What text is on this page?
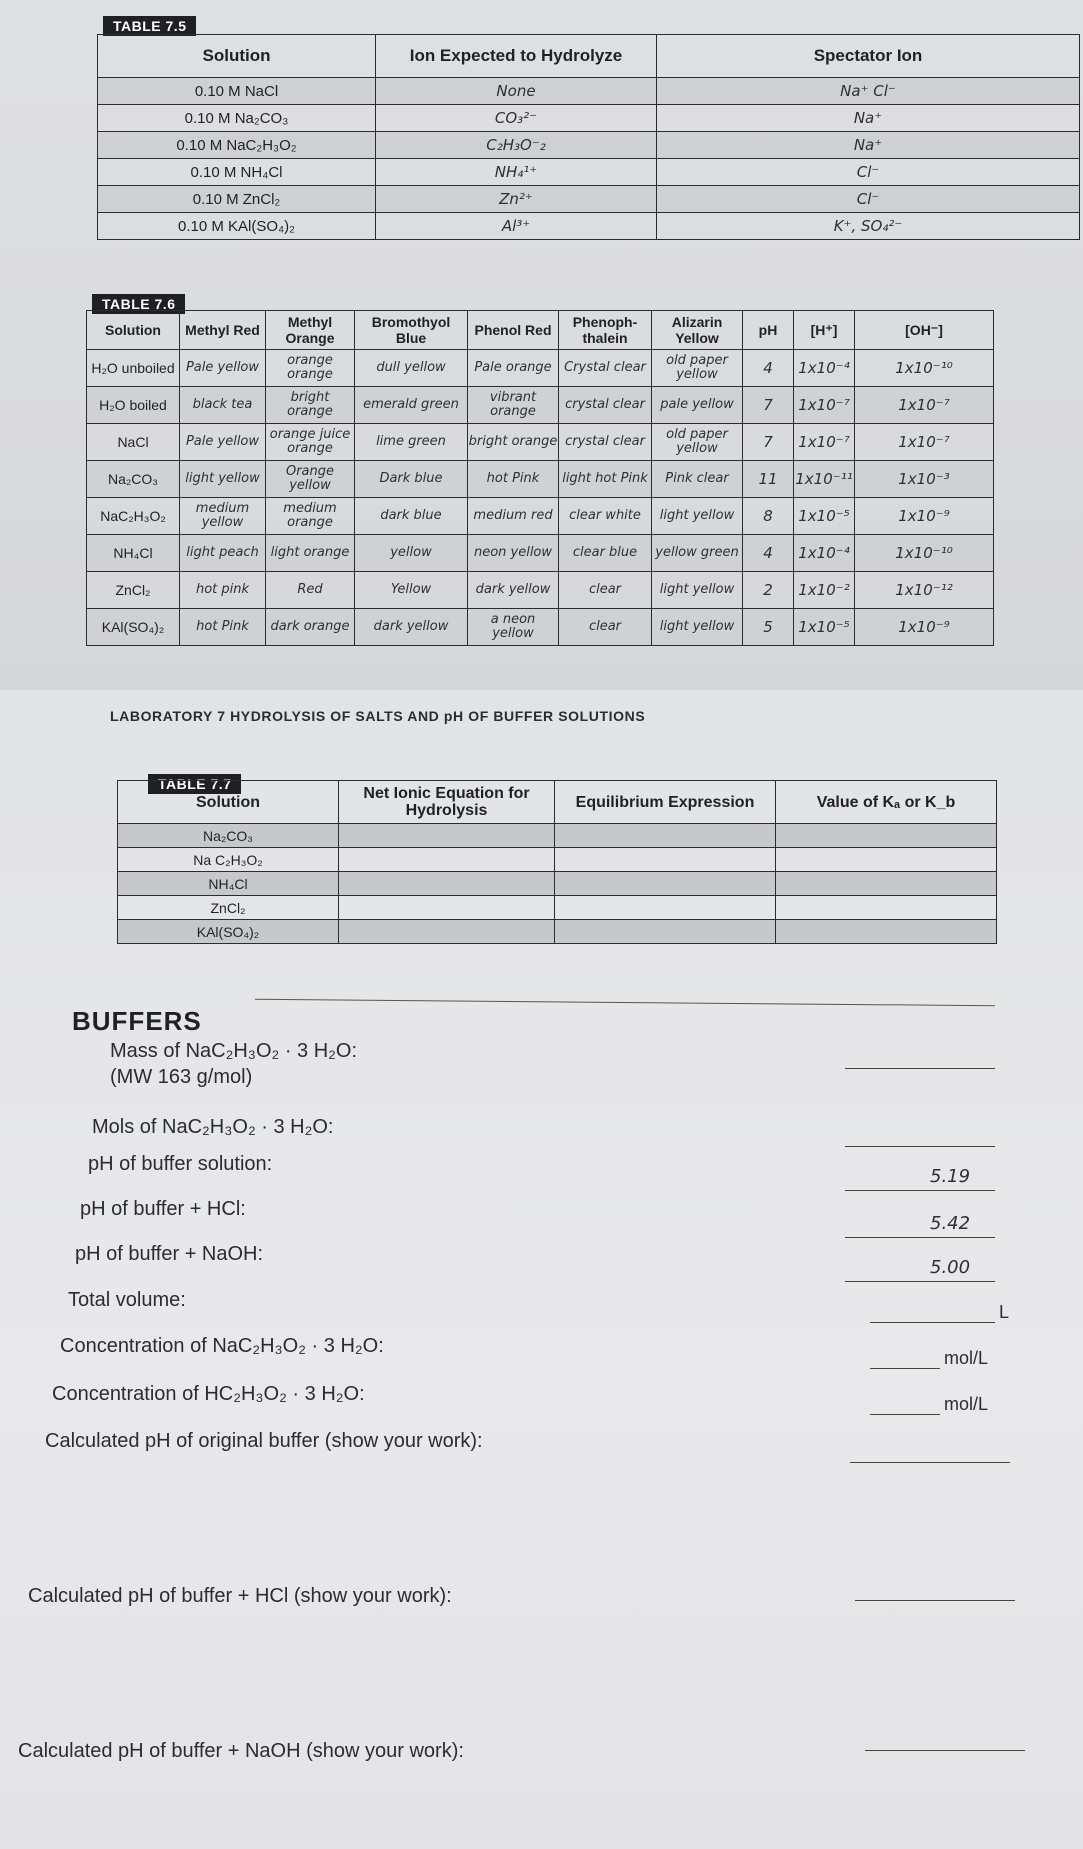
TABLE 7.5
Solution	Ion Expected to Hydrolyze	Spectator Ion
0.10 M NaCl	None	Na⁺ Cl⁻
0.10 M Na₂CO₃	CO₃²⁻	Na⁺
0.10 M NaC₂H₃O₂	C₂H₃O⁻₂	Na⁺
0.10 M NH₄Cl	NH₄¹⁺	Cl⁻
0.10 M ZnCl₂	Zn²⁺	Cl⁻
0.10 M KAl(SO₄)₂	Al³⁺	K⁺, SO₄²⁻
TABLE 7.6
Solution	Methyl Red	Methyl Orange	Bromothyol Blue	Phenol Red	Phenoph-thalein	Alizarin Yellow	pH	[H⁺]	[OH⁻]
H₂O unboiled	Pale yellow	orange orange	dull yellow	Pale orange	Crystal clear	old paper yellow	4	1x10⁻⁴	1x10⁻¹⁰
H₂O boiled	black tea	bright orange	emerald green	vibrant orange	crystal clear	pale yellow	7	1x10⁻⁷	1x10⁻⁷
NaCl	Pale yellow	orange juice orange	lime green	bright orange	crystal clear	old paper yellow	7	1x10⁻⁷	1x10⁻⁷
Na₂CO₃	light yellow	Orange yellow	Dark blue	hot Pink	light hot Pink	Pink clear	11	1x10⁻¹¹	1x10⁻³
NaC₂H₃O₂	medium yellow	medium orange	dark blue	medium red	clear white	light yellow	8	1x10⁻⁵	1x10⁻⁹
NH₄Cl	light peach	light orange	yellow	neon yellow	clear blue	yellow green	4	1x10⁻⁴	1x10⁻¹⁰
ZnCl₂	hot pink	Red	Yellow	dark yellow	clear	light yellow	2	1x10⁻²	1x10⁻¹²
KAl(SO₄)₂	hot Pink	dark orange	dark yellow	a neon yellow	clear	light yellow	5	1x10⁻⁵	1x10⁻⁹
LABORATORY 7 HYDROLYSIS OF SALTS AND pH OF BUFFER SOLUTIONS
TABLE 7.7
Solution	Net Ionic Equation for Hydrolysis	Equilibrium Expression	Value of Kₐ or K_b
Na₂CO₃			
Na C₂H₃O₂			
NH₄Cl			
ZnCl₂			
KAl(SO₄)₂			
BUFFERS
Mass of NaC₂H₃O₂ · 3 H₂O:
(MW 163 g/mol)
Mols of NaC₂H₃O₂ · 3 H₂O:
pH of buffer solution:
5.19
pH of buffer + HCl:
5.42
pH of buffer + NaOH:
5.00
Total volume:
L
Concentration of NaC₂H₃O₂ · 3 H₂O:
mol/L
Concentration of HC₂H₃O₂ · 3 H₂O:	mol/L
Calculated pH of original buffer (show your work):
Calculated pH of buffer + HCl (show your work):
Calculated pH of buffer + NaOH (show your work):
